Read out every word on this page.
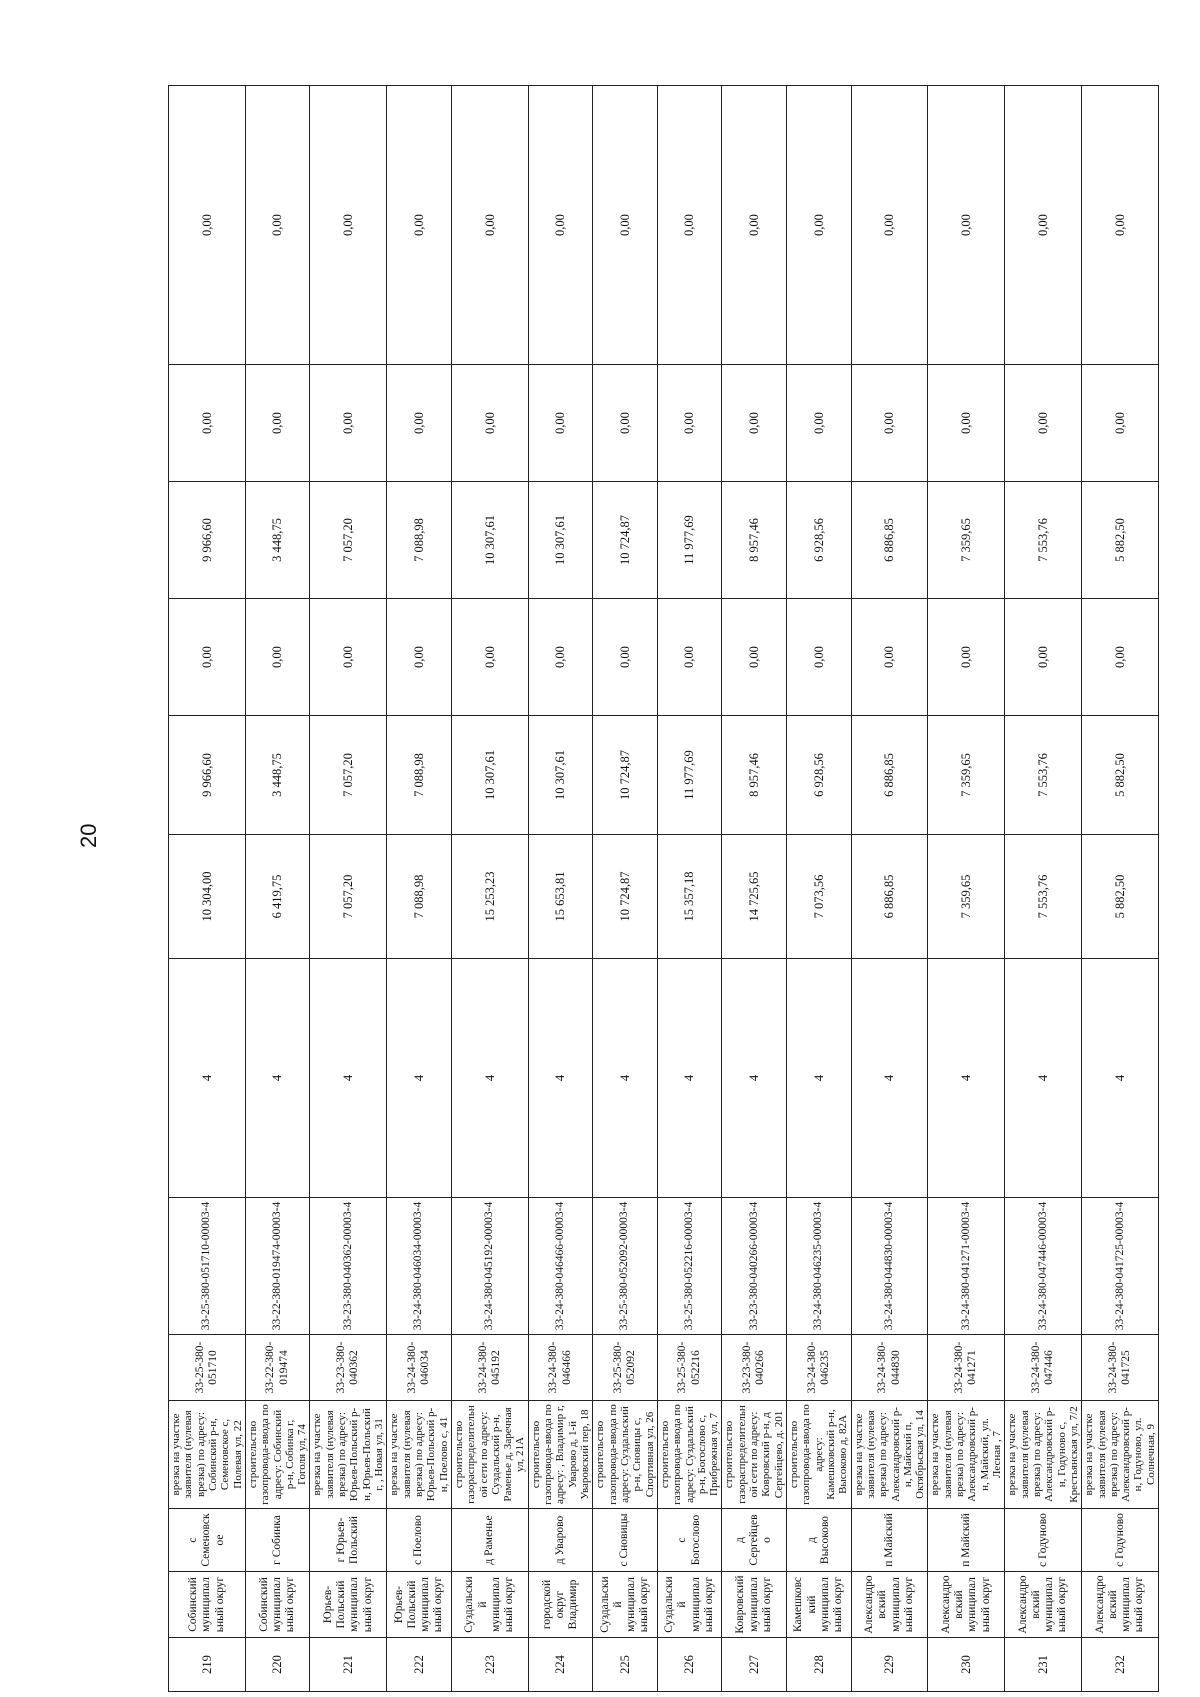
20
219	Собинский муниципальный округ	с Семеновское	врезка на участке заявителя (нулевая врезка) по адресу: Собинский р-н, Семеновское с, Полевая ул, 22	33-25-380-051710	33-25-380-051710-00003-4	4	10 304,00	9 966,60	0,00	9 966,60	0,00	0,00
220	Собинский муниципальный округ	г Собинка	строительство газопровода-ввода по адресу: Собинский р-н, Собинка г, Гоголя ул, 74	33-22-380-019474	33-22-380-019474-00003-4	4	6 419,75	3 448,75	0,00	3 448,75	0,00	0,00
221	Юрьев-Польский муниципальный округ	г Юрьев-Польский	врезка на участке заявителя (нулевая врезка) по адресу: Юрьев-Польский р-н, Юрьев-Польский г, , Новая ул, 31	33-23-380-040362	33-23-380-040362-00003-4	4	7 057,20	7 057,20	0,00	7 057,20	0,00	0,00
222	Юрьев-Польский муниципальный округ	с Пoелово	врезка на участке заявителя (нулевая врезка) по адресу: Юрьев-Польский р-н, Пoелово с, 41	33-24-380-046034	33-24-380-046034-00003-4	4	7 088,98	7 088,98	0,00	7 088,98	0,00	0,00
223	Суздальский муниципальный округ	д Раменье	строительство газораспределительной сети по адресу: Суздальский р-н, Раменье д, Заречная ул, 21А	33-24-380-045192	33-24-380-045192-00003-4	4	15 253,23	10 307,61	0,00	10 307,61	0,00	0,00
224	городской округ Владимир	д Уварово	строительство газопровода-ввода по адресу: , Владимир г, Уварово д, 1-й Уваровский пер, 18	33-24-380-046466	33-24-380-046466-00003-4	4	15 653,81	10 307,61	0,00	10 307,61	0,00	0,00
225	Суздальский муниципальный округ	с Сновицы	строительство газопровода-ввода по адресу: Суздальский р-н, Сновицы с, Спортивная ул, 26	33-25-380-052092	33-25-380-052092-00003-4	4	10 724,87	10 724,87	0,00	10 724,87	0,00	0,00
226	Суздальский муниципальный округ	с Богослово	строительство газопровода-ввода по адресу: Суздальский р-н, Богослово с, Прибрежная ул, 7	33-25-380-052216	33-25-380-052216-00003-4	4	15 357,18	11 977,69	0,00	11 977,69	0,00	0,00
227	Ковровский муниципальный округ	д Сергейцево	строительство газораспределительной сети по адресу: Ковровский р-н, д Сергейцево, д. 201	33-23-380-040266	33-23-380-040266-00003-4	4	14 725,65	8 957,46	0,00	8 957,46	0,00	0,00
228	Камешковский муниципальный округ	д Высоково	строительство газопровода-ввода по адресу: Камешковский р-н, Высоково д, 82А	33-24-380-046235	33-24-380-046235-00003-4	4	7 073,56	6 928,56	0,00	6 928,56	0,00	0,00
229	Александровский муниципальный округ	п Майский	врезка на участке заявителя (нулевая врезка) по адресу: Александровский р-н, Майский п, Октябрьская ул, 14	33-24-380-044830	33-24-380-044830-00003-4	4	6 886,85	6 886,85	0,00	6 886,85	0,00	0,00
230	Александровский муниципальный округ	п Майский	врезка на участке заявителя (нулевая врезка) по адресу: Александровский р-н, Майский, ул. Лесная , 7	33-24-380-041271	33-24-380-041271-00003-4	4	7 359,65	7 359,65	0,00	7 359,65	0,00	0,00
231	Александровский муниципальный округ	с Годуново	врезка на участке заявителя (нулевая врезка) по адресу: Александровский р-н, Годуново с, Крестьянская ул, 7/2	33-24-380-047446	33-24-380-047446-00003-4	4	7 553,76	7 553,76	0,00	7 553,76	0,00	0,00
232	Александровский муниципальный округ	с Годуново	врезка на участке заявителя (нулевая врезка) по адресу: Александровский р-н, Годуново, ул. Солнечная, 9	33-24-380-041725	33-24-380-041725-00003-4	4	5 882,50	5 882,50	0,00	5 882,50	0,00	0,00
